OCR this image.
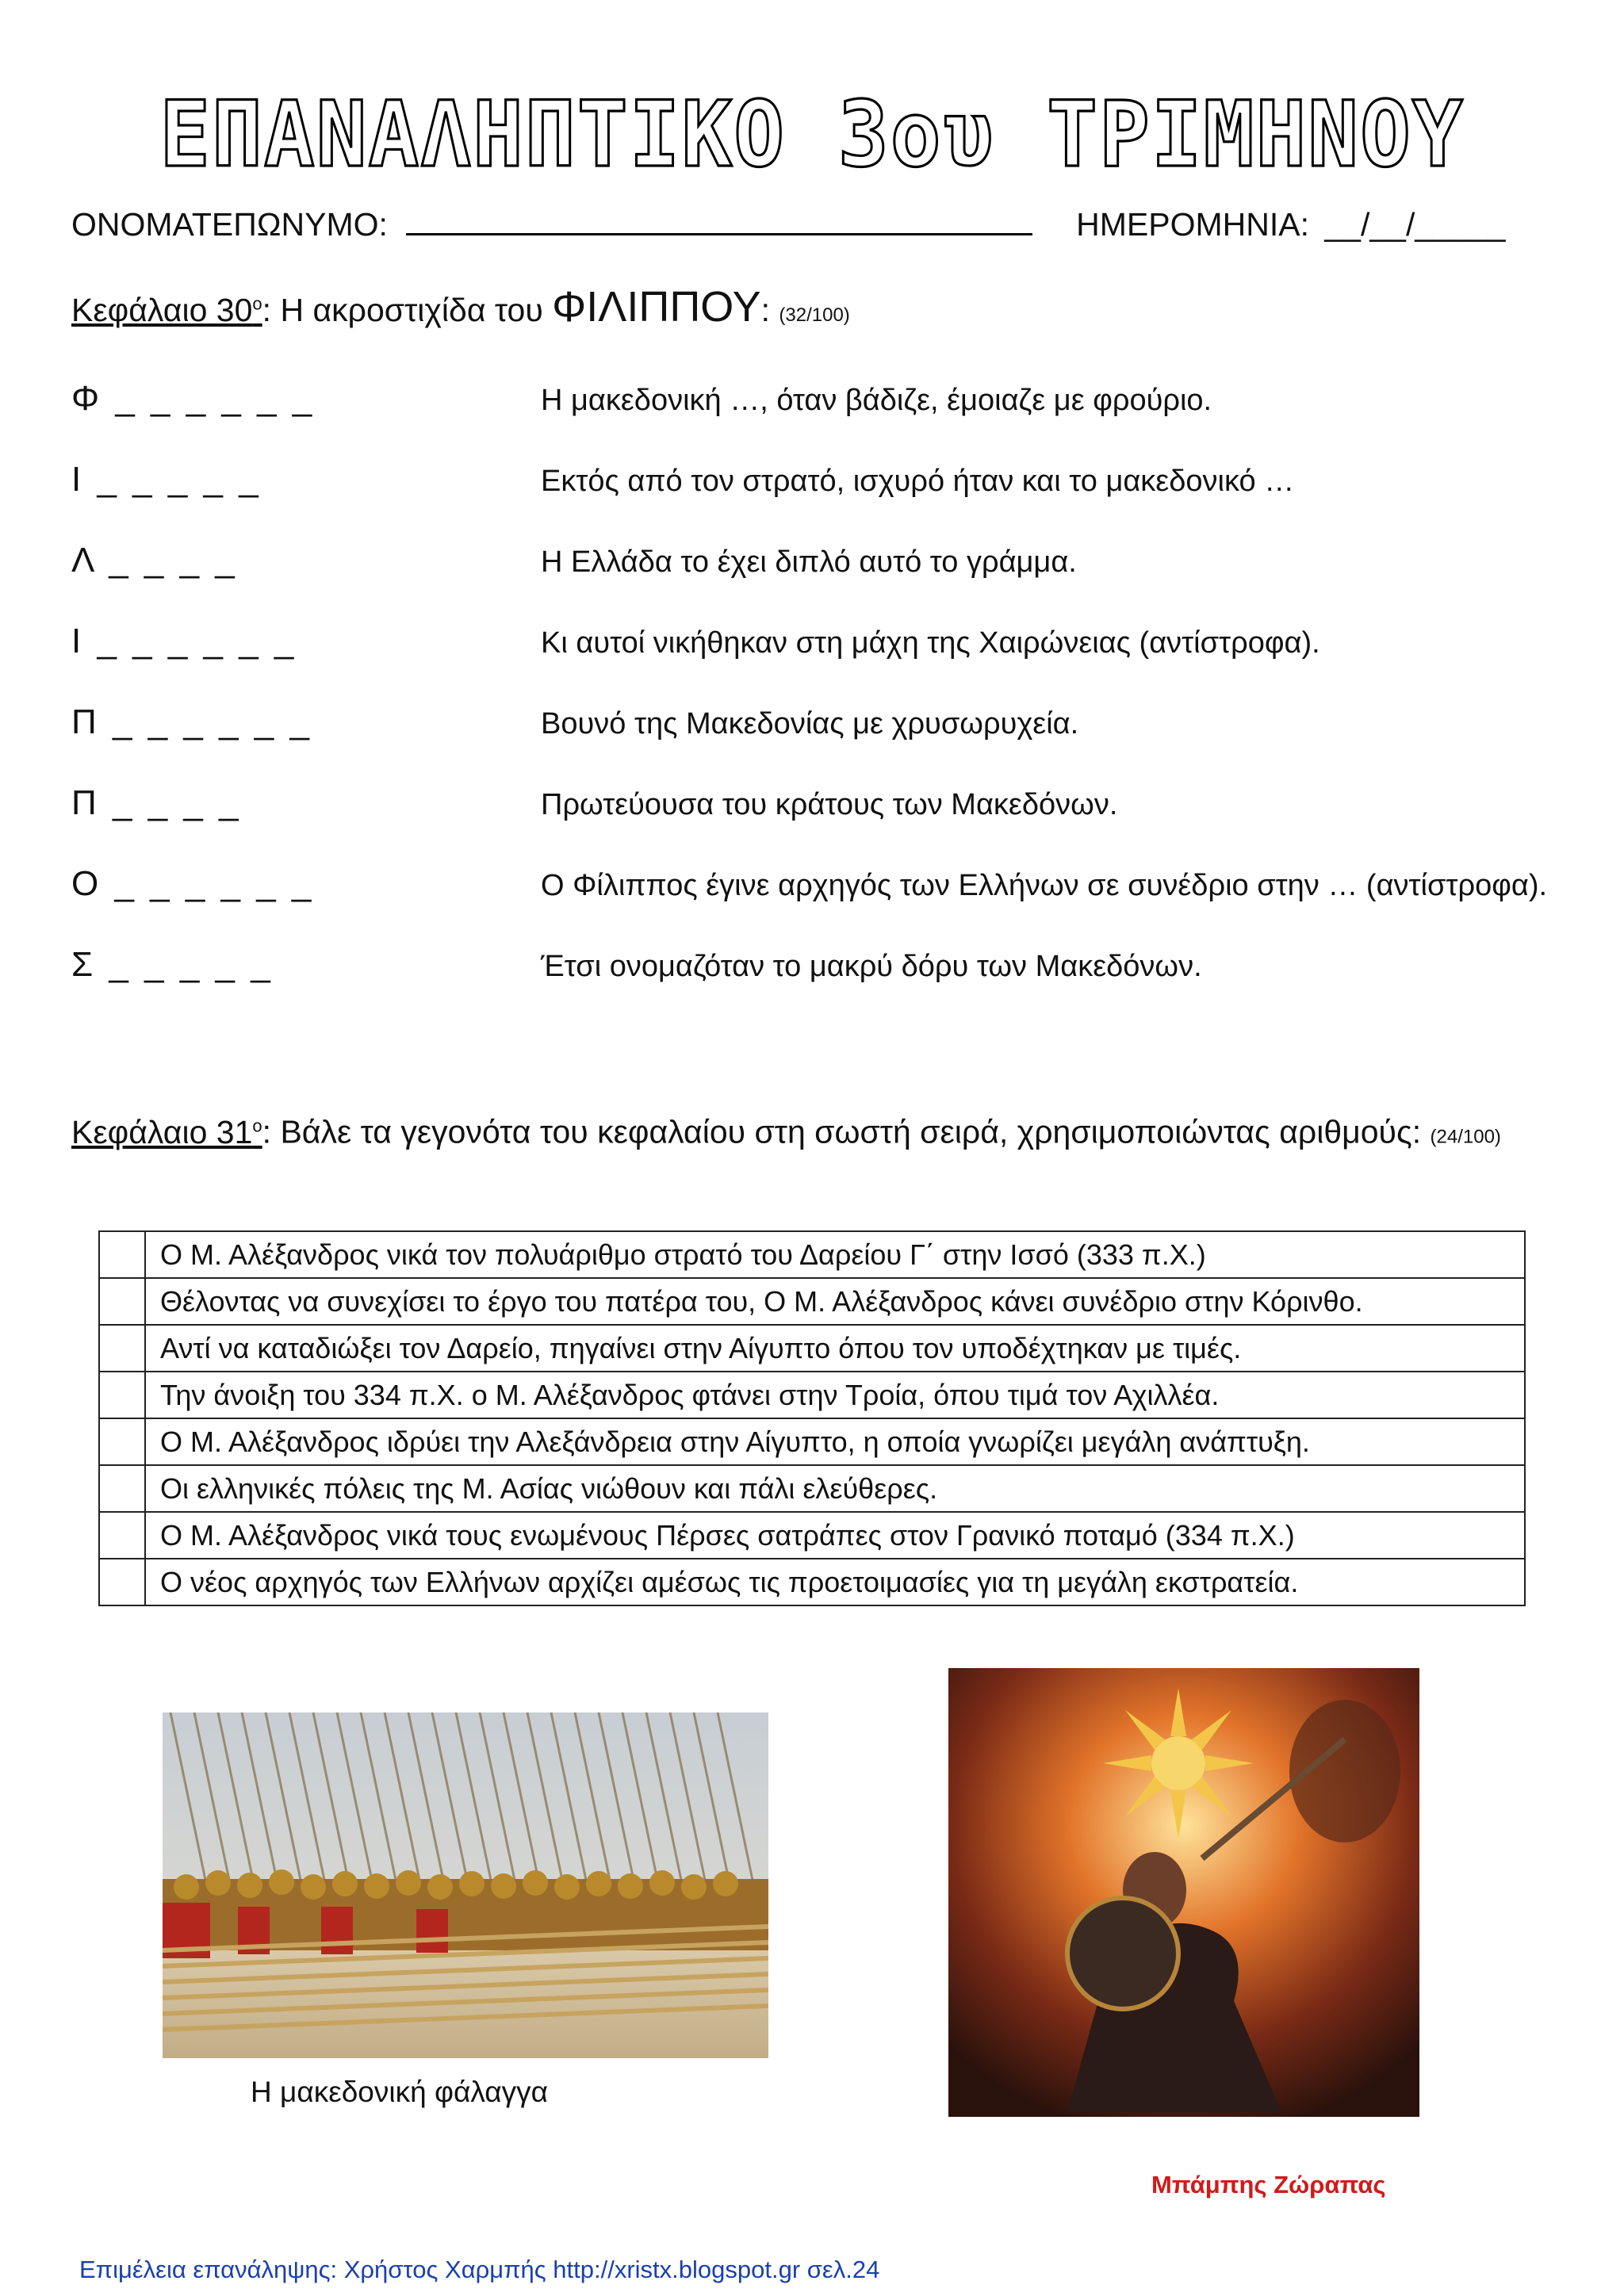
ΕΠΑΝΑΛΗΠΤΙΚΟ 3ου ΤΡΙΜΗΝΟΥ
ΟΝΟΜΑΤΕΠΩΝΥΜΟ:	ΗΜΕΡΟΜΗΝΙΑ: __/__/_____
Κεφάλαιο $30^o$: Η ακροστιχίδα του ΦΙΛΙΠΠΟΥ: (32/100)
Φ _ _ _ _ _ _	Η μακεδονική …, όταν βάδιζε, έμοιαζε με φρούριο.
Ι _ _ _ _ _	Εκτός από τον στρατό, ισχυρό ήταν και το μακεδονικό …
Λ _ _ _ _	Η Ελλάδα το έχει διπλό αυτό το γράμμα.
Ι _ _ _ _ _ _	Κι αυτοί νικήθηκαν στη μάχη της Χαιρώνειας (αντίστροφα).
Π _ _ _ _ _ _	Βουνό της Μακεδονίας με χρυσωρυχεία.
Π _ _ _ _	Πρωτεύουσα του κράτους των Μακεδόνων.
Ο _ _ _ _ _ _	Ο Φίλιππος έγινε αρχηγός των Ελλήνων σε συνέδριο στην … (αντίστροφα).
Σ _ _ _ _ _	Έτσι ονομαζόταν το μακρύ δόρυ των Μακεδόνων.
Κεφάλαιο $31^o$: Βάλε τα γεγονότα του κεφαλαίου στη σωστή σειρά, χρησιμοποιώντας αριθμούς: (24/100)
	Ο Μ. Αλέξανδρος νικά τον πολυάριθμο στρατό του Δαρείου Γ΄ στην Ισσό (333 π.Χ.)
	Θέλοντας να συνεχίσει το έργο του πατέρα του, Ο Μ. Αλέξανδρος κάνει συνέδριο στην Κόρινθο.
	Αντί να καταδιώξει τον Δαρείο, πηγαίνει στην Αίγυπτο όπου τον υποδέχτηκαν με τιμές.
	Την άνοιξη του 334 π.Χ. ο Μ. Αλέξανδρος φτάνει στην Τροία, όπου τιμά τον Αχιλλέα.
	Ο Μ. Αλέξανδρος ιδρύει την Αλεξάνδρεια στην Αίγυπτο, η οποία γνωρίζει μεγάλη ανάπτυξη.
	Οι ελληνικές πόλεις της Μ. Ασίας νιώθουν και πάλι ελεύθερες.
	Ο Μ. Αλέξανδρος νικά τους ενωμένους Πέρσες σατράπες στον Γρανικό ποταμό (334 π.Χ.)
	Ο νέος αρχηγός των Ελλήνων αρχίζει αμέσως τις προετοιμασίες για τη μεγάλη εκστρατεία.
Η μακεδονική φάλαγγα
Μπάμπης Ζώραπας
Επιμέλεια επανάληψης: Χρήστος Χαρμπής http://xristx.blogspot.gr σελ.24
